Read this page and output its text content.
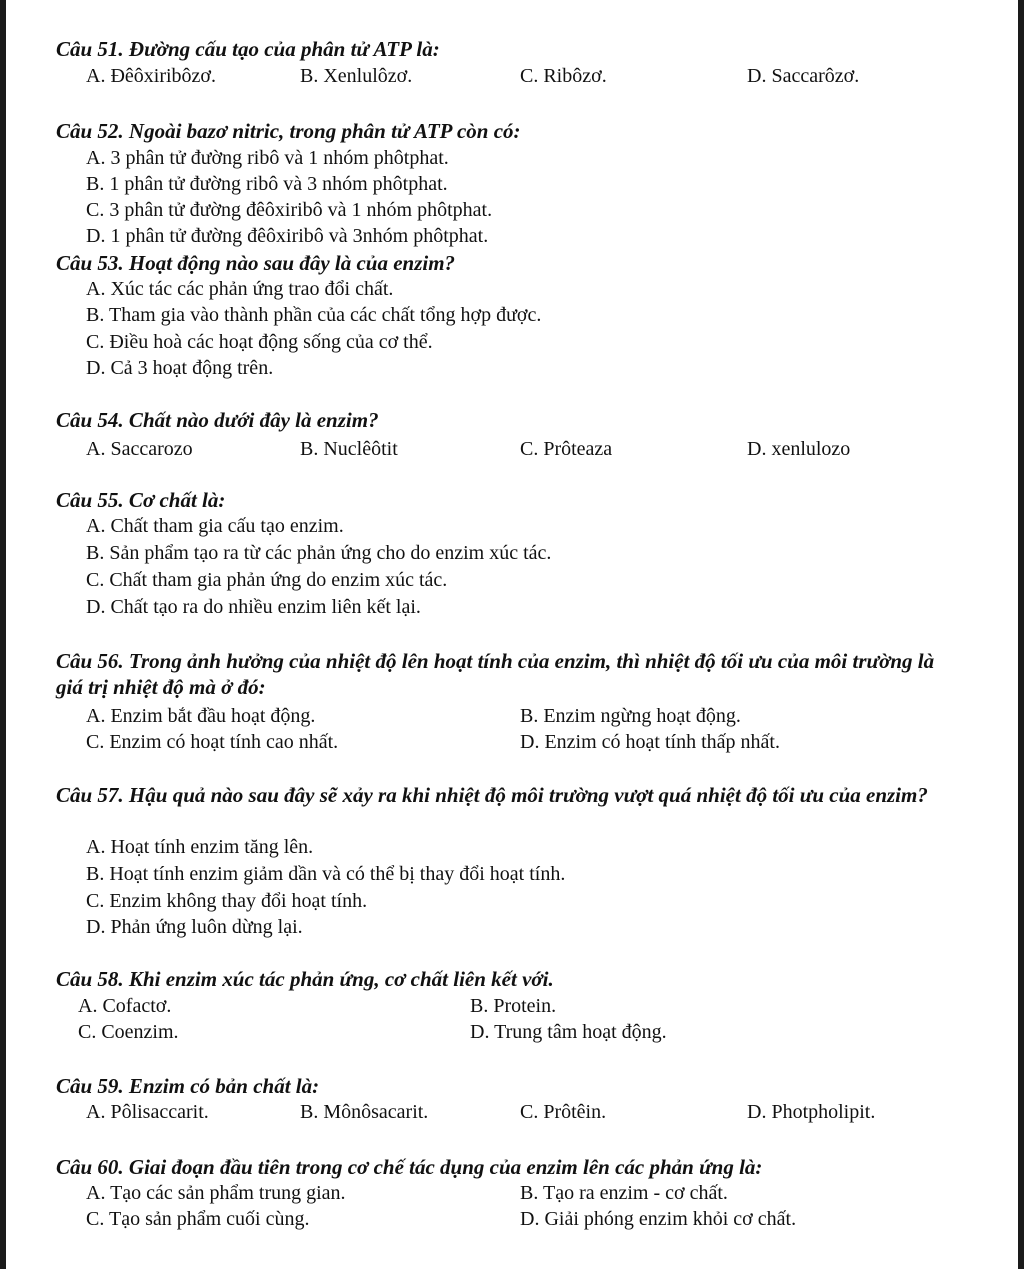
Câu 51. Đường cấu tạo của phân tử ATP là:
A. Đêôxiribôzơ.	B. Xenlulôzơ.	C. Ribôzơ.	D. Saccarôzơ.
Câu 52. Ngoài bazơ nitric, trong phân tử ATP còn có:
A. 3 phân tử đường ribô và 1 nhóm phôtphat.
B. 1 phân tử đường ribô và 3 nhóm phôtphat.
C. 3 phân tử đường đêôxiribô và 1 nhóm phôtphat.
D. 1 phân tử đường đêôxiribô và 3nhóm phôtphat.
Câu 53. Hoạt động nào sau đây là của enzim?
A. Xúc tác các phản ứng trao đổi chất.
B. Tham gia vào thành phần của các chất tổng hợp được.
C. Điều hoà các hoạt động sống của cơ thể.
D. Cả 3 hoạt động trên.
Câu 54. Chất nào dưới đây là enzim?
A. Saccarozo	B. Nuclêôtit	C. Prôteaza	D. xenlulozo
Câu 55. Cơ chất là:
A. Chất tham gia cấu tạo enzim.
B. Sản phẩm tạo ra từ các phản ứng cho do enzim xúc tác.
C. Chất tham gia phản ứng do enzim xúc tác.
D. Chất tạo ra do nhiều enzim liên kết lại.
Câu 56. Trong ảnh hưởng của nhiệt độ lên hoạt tính của enzim, thì nhiệt độ tối ưu của môi trường là giá trị nhiệt độ mà ở đó:
A. Enzim bắt đầu hoạt động.	B. Enzim ngừng hoạt động.
C. Enzim có hoạt tính cao nhất.	D. Enzim có hoạt tính thấp nhất.
Câu 57. Hậu quả nào sau đây sẽ xảy ra khi nhiệt độ môi trường vượt quá nhiệt độ tối ưu của enzim?
A. Hoạt tính enzim tăng lên.
B. Hoạt tính enzim giảm dần và có thể bị thay đổi hoạt tính.
C. Enzim không thay đổi hoạt tính.
D. Phản ứng luôn dừng lại.
Câu 58. Khi enzim xúc tác phản ứng, cơ chất liên kết với.
A. Cofactơ.	B. Protein.
C. Coenzim.	D. Trung tâm hoạt động.
Câu 59. Enzim có bản chất là:
A. Pôlisaccarit.	B. Mônôsacarit.	C. Prôtêin.	D. Photpholipit.
Câu 60. Giai đoạn đầu tiên trong cơ chế tác dụng của enzim lên các phản ứng là:
A. Tạo các sản phẩm trung gian.	B. Tạo ra enzim - cơ chất.
C. Tạo sản phẩm cuối cùng.	D. Giải phóng enzim khỏi cơ chất.
